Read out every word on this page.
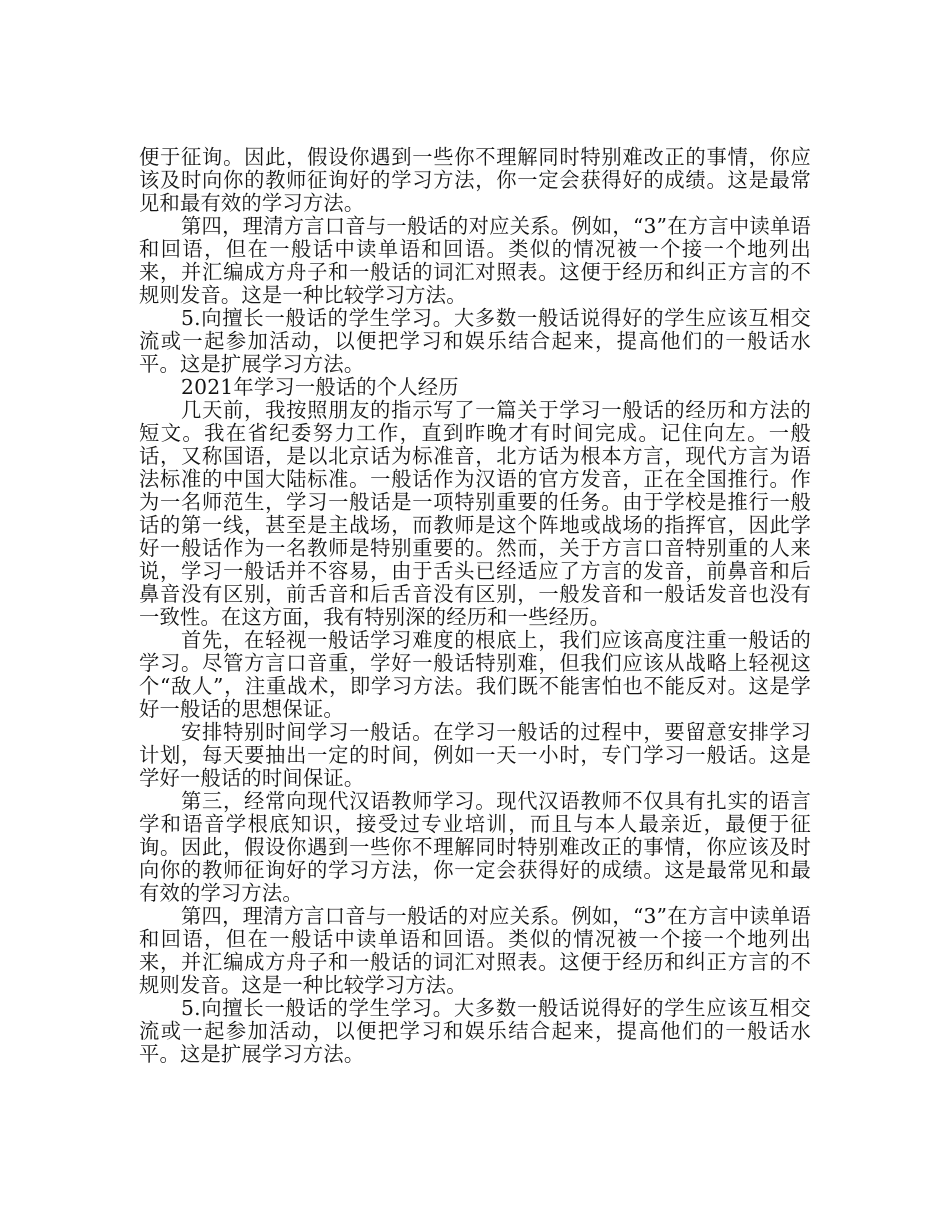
便于征询。因此，假设你遇到一些你不理解同时特别难改正的事情，你应该及时向你的教师征询好的学习方法，你一定会获得好的成绩。这是最常见和最有效的学习方法。

第四，理清方言口音与一般话的对应关系。例如，“3”在方言中读单语和回语，但在一般话中读单语和回语。类似的情况被一个接一个地列出来，并汇编成方舟子和一般话的词汇对照表。这便于经历和纠正方言的不规则发音。这是一种比较学习方法。

5.向擅长一般话的学生学习。大多数一般话说得好的学生应该互相交流或一起参加活动，以便把学习和娱乐结合起来，提高他们的一般话水平。这是扩展学习方法。

2021年学习一般话的个人经历

几天前，我按照朋友的指示写了一篇关于学习一般话的经历和方法的短文。我在省纪委努力工作，直到昨晚才有时间完成。记住向左。一般话，又称国语，是以北京话为标准音，北方话为根本方言，现代方言为语法标准的中国大陆标准。一般话作为汉语的官方发音，正在全国推行。作为一名师范生，学习一般话是一项特别重要的任务。由于学校是推行一般话的第一线，甚至是主战场，而教师是这个阵地或战场的指挥官，因此学好一般话作为一名教师是特别重要的。然而，关于方言口音特别重的人来说，学习一般话并不容易，由于舌头已经适应了方言的发音，前鼻音和后鼻音没有区别，前舌音和后舌音没有区别，一般发音和一般话发音也没有一致性。在这方面，我有特别深的经历和一些经历。

首先，在轻视一般话学习难度的根底上，我们应该高度注重一般话的学习。尽管方言口音重，学好一般话特别难，但我们应该从战略上轻视这个“敌人”，注重战术，即学习方法。我们既不能害怕也不能反对。这是学好一般话的思想保证。

安排特别时间学习一般话。在学习一般话的过程中，要留意安排学习计划，每天要抽出一定的时间，例如一天一小时，专门学习一般话。这是学好一般话的时间保证。

第三，经常向现代汉语教师学习。现代汉语教师不仅具有扎实的语言学和语音学根底知识，接受过专业培训，而且与本人最亲近，最便于征询。因此，假设你遇到一些你不理解同时特别难改正的事情，你应该及时向你的教师征询好的学习方法，你一定会获得好的成绩。这是最常见和最有效的学习方法。

第四，理清方言口音与一般话的对应关系。例如，“3”在方言中读单语和回语，但在一般话中读单语和回语。类似的情况被一个接一个地列出来，并汇编成方舟子和一般话的词汇对照表。这便于经历和纠正方言的不规则发音。这是一种比较学习方法。

5.向擅长一般话的学生学习。大多数一般话说得好的学生应该互相交流或一起参加活动，以便把学习和娱乐结合起来，提高他们的一般话水平。这是扩展学习方法。
